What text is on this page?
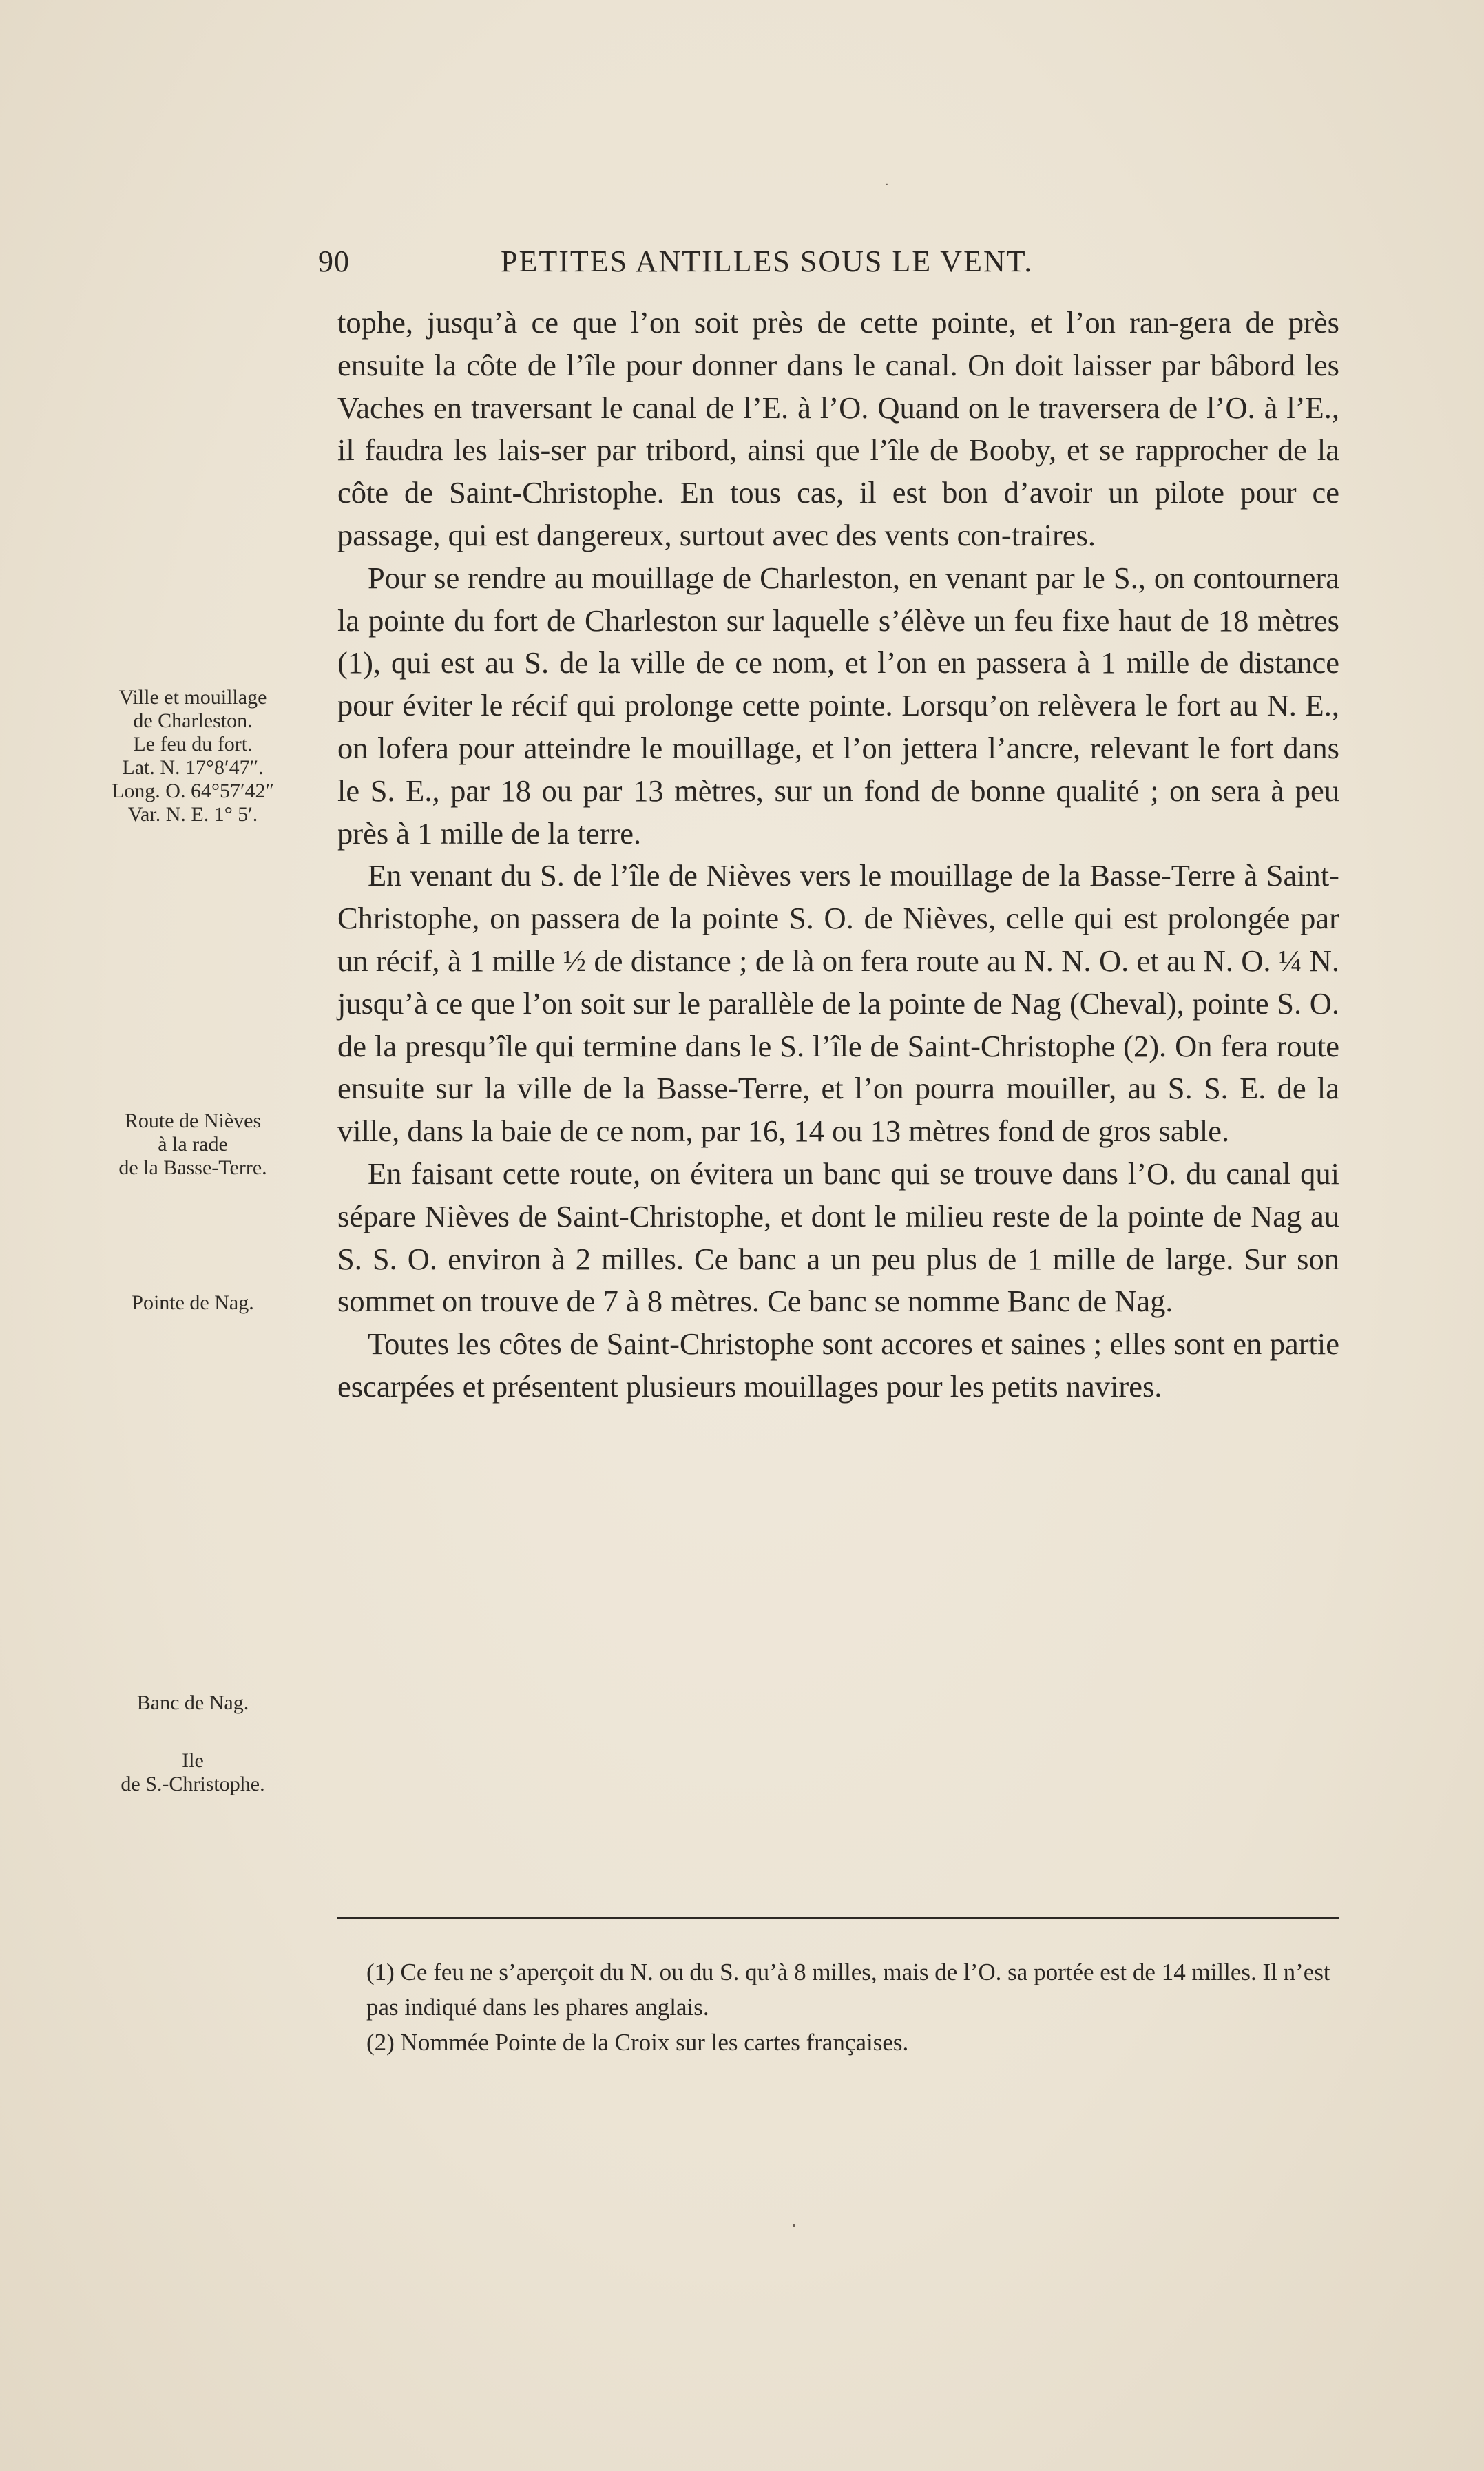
90	PETITES ANTILLES SOUS LE VENT.

tophe, jusqu’à ce que l’on soit près de cette pointe, et l’on ran-gera de près ensuite la côte de l’île pour donner dans le canal. On doit laisser par bâbord les Vaches en traversant le canal de l’E. à l’O. Quand on le traversera de l’O. à l’E., il faudra les lais-ser par tribord, ainsi que l’île de Booby, et se rapprocher de la côte de Saint-Christophe. En tous cas, il est bon d’avoir un pilote pour ce passage, qui est dangereux, surtout avec des vents con-traires.

Pour se rendre au mouillage de Charleston, en venant par le S., on contournera la pointe du fort de Charleston sur laquelle s’élève un feu fixe haut de 18 mètres (1), qui est au S. de la ville de ce nom, et l’on en passera à 1 mille de distance pour éviter le récif qui prolonge cette pointe. Lorsqu’on relèvera le fort au N. E., on lofera pour atteindre le mouillage, et l’on jettera l’ancre, relevant le fort dans le S. E., par 18 ou par 13 mètres, sur un fond de bonne qualité ; on sera à peu près à 1 mille de la terre.

En venant du S. de l’île de Nièves vers le mouillage de la Basse-Terre à Saint-Christophe, on passera de la pointe S. O. de Nièves, celle qui est prolongée par un récif, à 1 mille ½ de distance ; de là on fera route au N. N. O. et au N. O. ¼ N. jusqu’à ce que l’on soit sur le parallèle de la pointe de Nag (Cheval), pointe S. O. de la presqu’île qui termine dans le S. l’île de Saint-Christophe (2). On fera route ensuite sur la ville de la Basse-Terre, et l’on pourra mouiller, au S. S. E. de la ville, dans la baie de ce nom, par 16, 14 ou 13 mètres fond de gros sable.

En faisant cette route, on évitera un banc qui se trouve dans l’O. du canal qui sépare Nièves de Saint-Christophe, et dont le milieu reste de la pointe de Nag au S. S. O. environ à 2 milles. Ce banc a un peu plus de 1 mille de large. Sur son sommet on trouve de 7 à 8 mètres. Ce banc se nomme Banc de Nag.

Toutes les côtes de Saint-Christophe sont accores et saines ; elles sont en partie escarpées et présentent plusieurs mouillages pour les petits navires.

Ville et mouillage
de Charleston.
Le feu du fort.
Lat. N. 17°8′47″.
Long. O. 64°57′42″
Var. N. E. 1° 5′.
Route de Nièves
à la rade
de la Basse-Terre.
Pointe de Nag.
Banc de Nag.
Ile
de S.-Christophe.

(1) Ce feu ne s’aperçoit du N. ou du S. qu’à 8 milles, mais de l’O. sa portée est de 14 milles. Il n’est pas indiqué dans les phares anglais.

(2) Nommée Pointe de la Croix sur les cartes françaises.

·
·
